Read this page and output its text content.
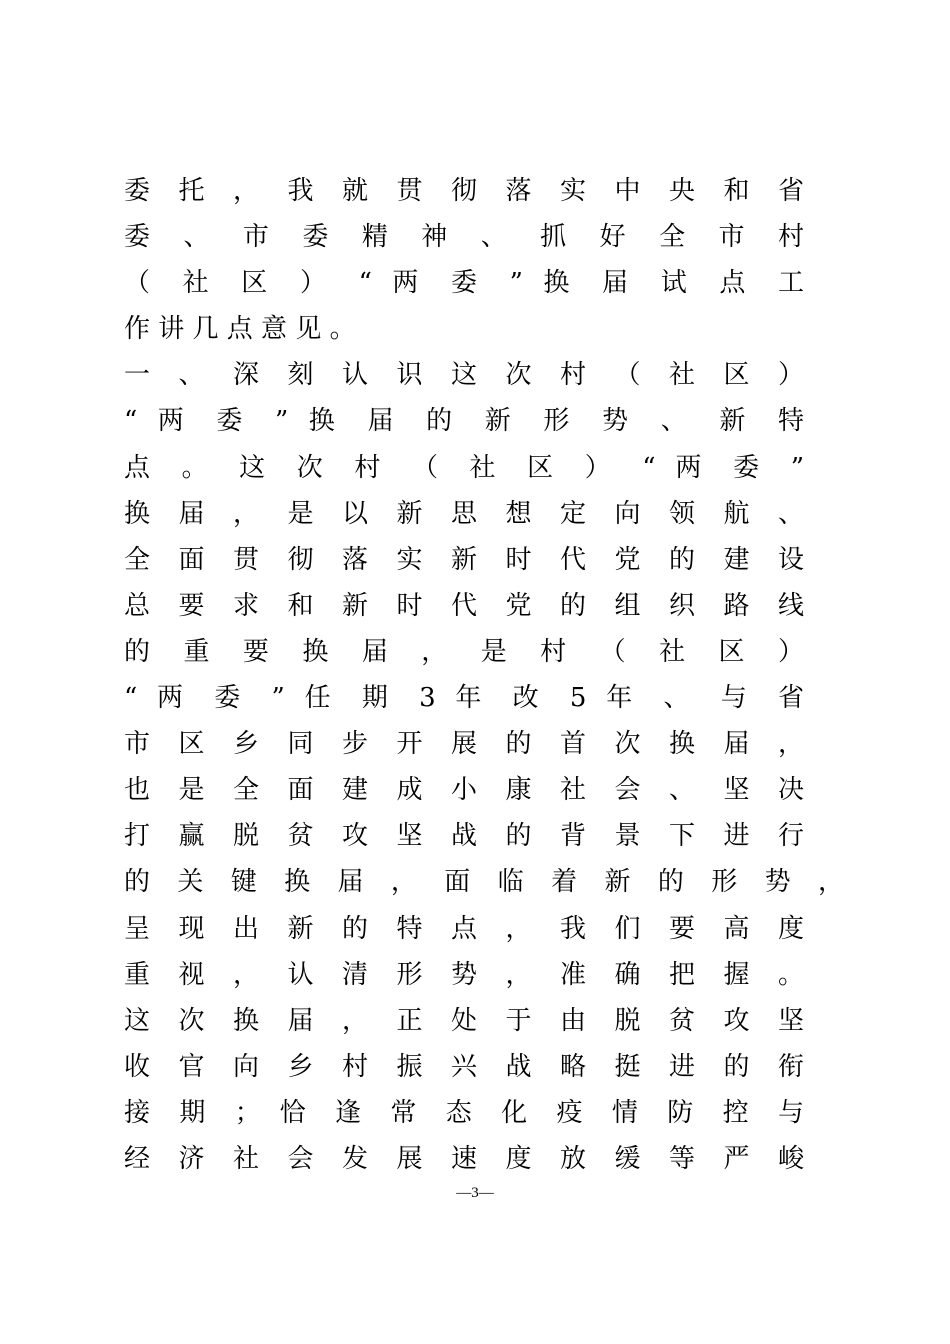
委 托 ， 我 就 贯 彻 落 实 中 央 和 省
委 、 市 委 精 神 、 抓 好 全 市 村
（ 社 区 ） “ 两 委 ” 换 届 试 点 工
作 讲 几 点 意 见 。
一 、 深 刻 认 识 这 次 村 （ 社 区 ）
“ 两 委 ” 换 届 的 新 形 势 、 新 特
点 。 这 次 村 （ 社 区 ） “ 两 委 ”
换 届 ， 是 以 新 思 想 定 向 领 航 、
全 面 贯 彻 落 实 新 时 代 党 的 建 设
总 要 求 和 新 时 代 党 的 组 织 路 线
的 重 要 换 届 ， 是 村 （ 社 区 ）
“ 两 委 ” 任 期 3 年 改 5 年 、 与 省
市 区 乡 同 步 开 展 的 首 次 换 届 ，
也 是 全 面 建 成 小 康 社 会 、 坚 决
打 赢 脱 贫 攻 坚 战 的 背 景 下 进 行
的 关 键 换 届 ， 面 临 着 新 的 形 势 ，
呈 现 出 新 的 特 点 ， 我 们 要 高 度
重 视 ， 认 清 形 势 ， 准 确 把 握 。
这 次 换 届 ， 正 处 于 由 脱 贫 攻 坚
收 官 向 乡 村 振 兴 战 略 挺 进 的 衔
接 期 ； 恰 逢 常 态 化 疫 情 防 控 与
经 济 社 会 发 展 速 度 放 缓 等 严 峻
—3—
